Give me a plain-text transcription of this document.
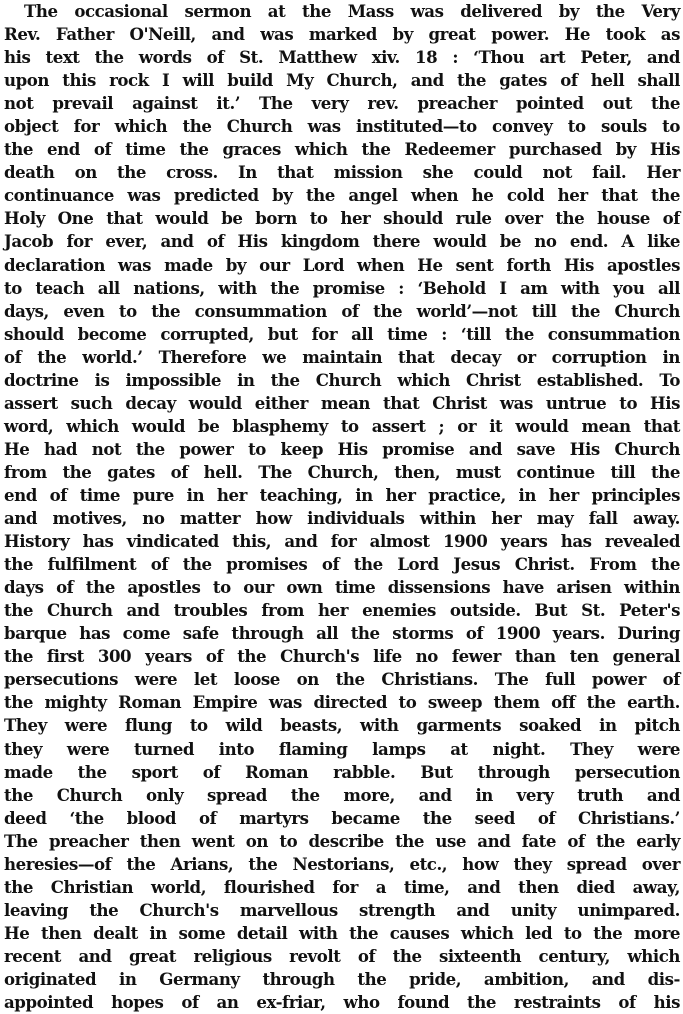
The occasional sermon at the Mass was delivered by the Very
Rev. Father O'Neill, and was marked by great power. He took as
his text the words of St. Matthew xiv. 18 : ‘Thou art Peter, and
upon this rock I will build My Church, and the gates of hell shall
not prevail against it.’ The very rev. preacher pointed out the
object for which the Church was instituted—to convey to souls to
the end of time the graces which the Redeemer purchased by His
death on the cross. In that mission she could not fail. Her
continuance was predicted by the angel when he cold her that the
Holy One that would be born to her should rule over the house of
Jacob for ever, and of His kingdom there would be no end. A like
declaration was made by our Lord when He sent forth His apostles
to teach all nations, with the promise : ‘Behold I am with you all
days, even to the consummation of the world’—not till the Church
should become corrupted, but for all time : ‘till the consummation
of the world.’ Therefore we maintain that decay or corruption in
doctrine is impossible in the Church which Christ established. To
assert such decay would either mean that Christ was untrue to His
word, which would be blasphemy to assert ; or it would mean that
He had not the power to keep His promise and save His Church
from the gates of hell. The Church, then, must continue till the
end of time pure in her teaching, in her practice, in her principles
and motives, no matter how individuals within her may fall away.
History has vindicated this, and for almost 1900 years has revealed
the fulfilment of the promises of the Lord Jesus Christ. From the
days of the apostles to our own time dissensions have arisen within
the Church and troubles from her enemies outside. But St. Peter's
barque has come safe through all the storms of 1900 years. During
the first 300 years of the Church's life no fewer than ten general
persecutions were let loose on the Christians. The full power of
the mighty Roman Empire was directed to sweep them off the earth.
They were flung to wild beasts, with garments soaked in pitch
they were turned into flaming lamps at night. They were
made the sport of Roman rabble. But through persecution
the Church only spread the more, and in very truth and
deed ‘the blood of martyrs became the seed of Christians.’
The preacher then went on to describe the use and fate of the early
heresies—of the Arians, the Nestorians, etc., how they spread over
the Christian world, flourished for a time, and then died away,
leaving the Church's marvellous strength and unity unimpared.
He then dealt in some detail with the causes which led to the more
recent and great religious revolt of the sixteenth century, which
originated in Germany through the pride, ambition, and dis-
appointed hopes of an ex-friar, who found the restraints of his
